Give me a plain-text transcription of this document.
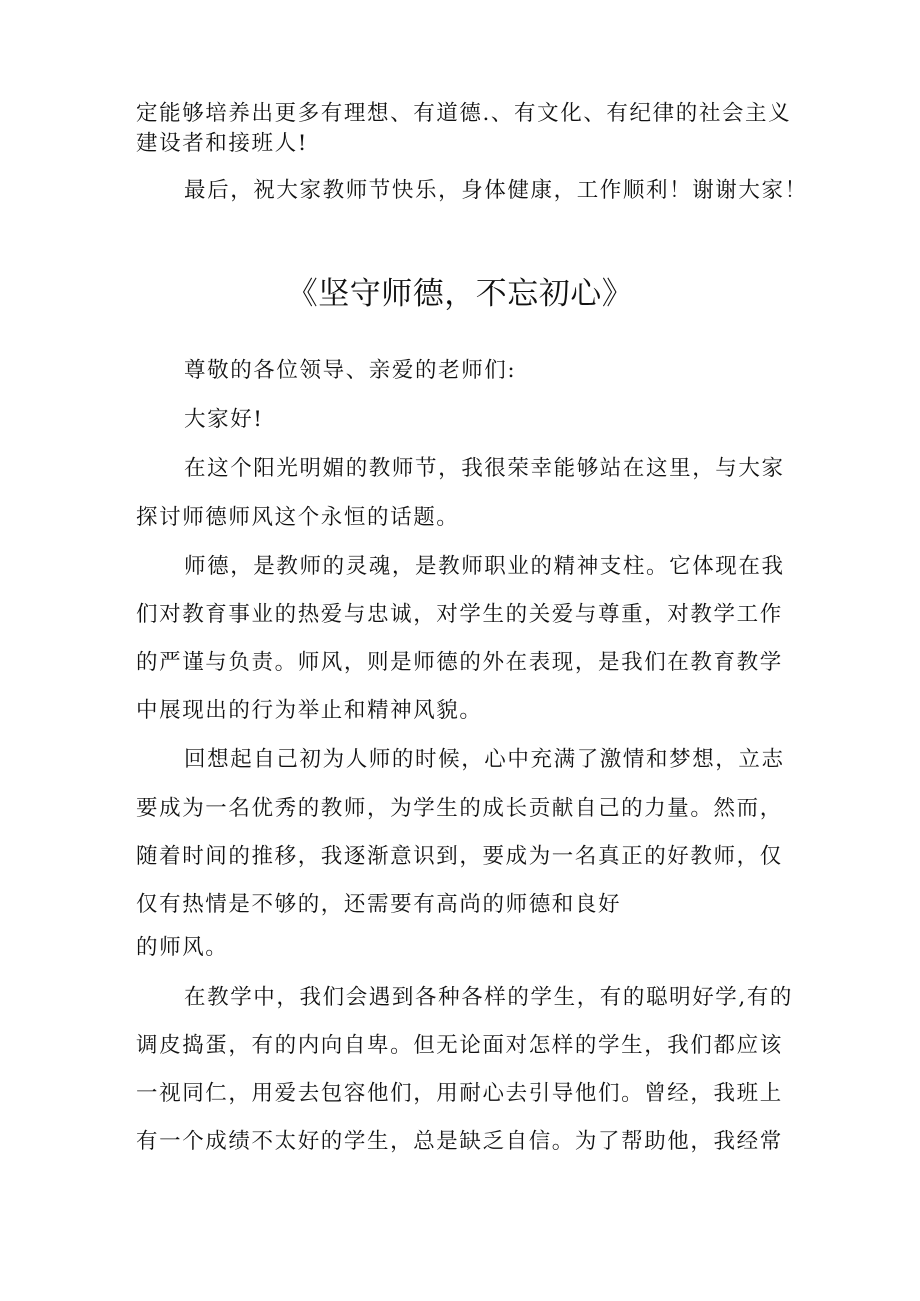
定能够培养出更多有理想、有道德.、有文化、有纪律的社会主义
建设者和接班人!
最后，祝大家教师节快乐，身体健康，工作顺利！谢谢大家！
《坚守师德，不忘初心》
尊敬的各位领导、亲爱的老师们:
大家好!
在这个阳光明媚的教师节，我很荣幸能够站在这里，与大家
探讨师德师风这个永恒的话题。
师德，是教师的灵魂，是教师职业的精神支柱。它体现在我
们对教育事业的热爱与忠诚，对学生的关爱与尊重，对教学工作
的严谨与负责。师风，则是师德的外在表现，是我们在教育教学
中展现出的行为举止和精神风貌。
回想起自己初为人师的时候，心中充满了激情和梦想，立志
要成为一名优秀的教师，为学生的成长贡献自己的力量。然而，
随着时间的推移，我逐渐意识到，要成为一名真正的好教师，仅
仅有热情是不够的，还需要有高尚的师德和良好
的师风。
在教学中，我们会遇到各种各样的学生，有的聪明好学,有的
调皮捣蛋，有的内向自卑。但无论面对怎样的学生，我们都应该
一视同仁，用爱去包容他们，用耐心去引导他们。曾经，我班上
有一个成绩不太好的学生，总是缺乏自信。为了帮助他，我经常
